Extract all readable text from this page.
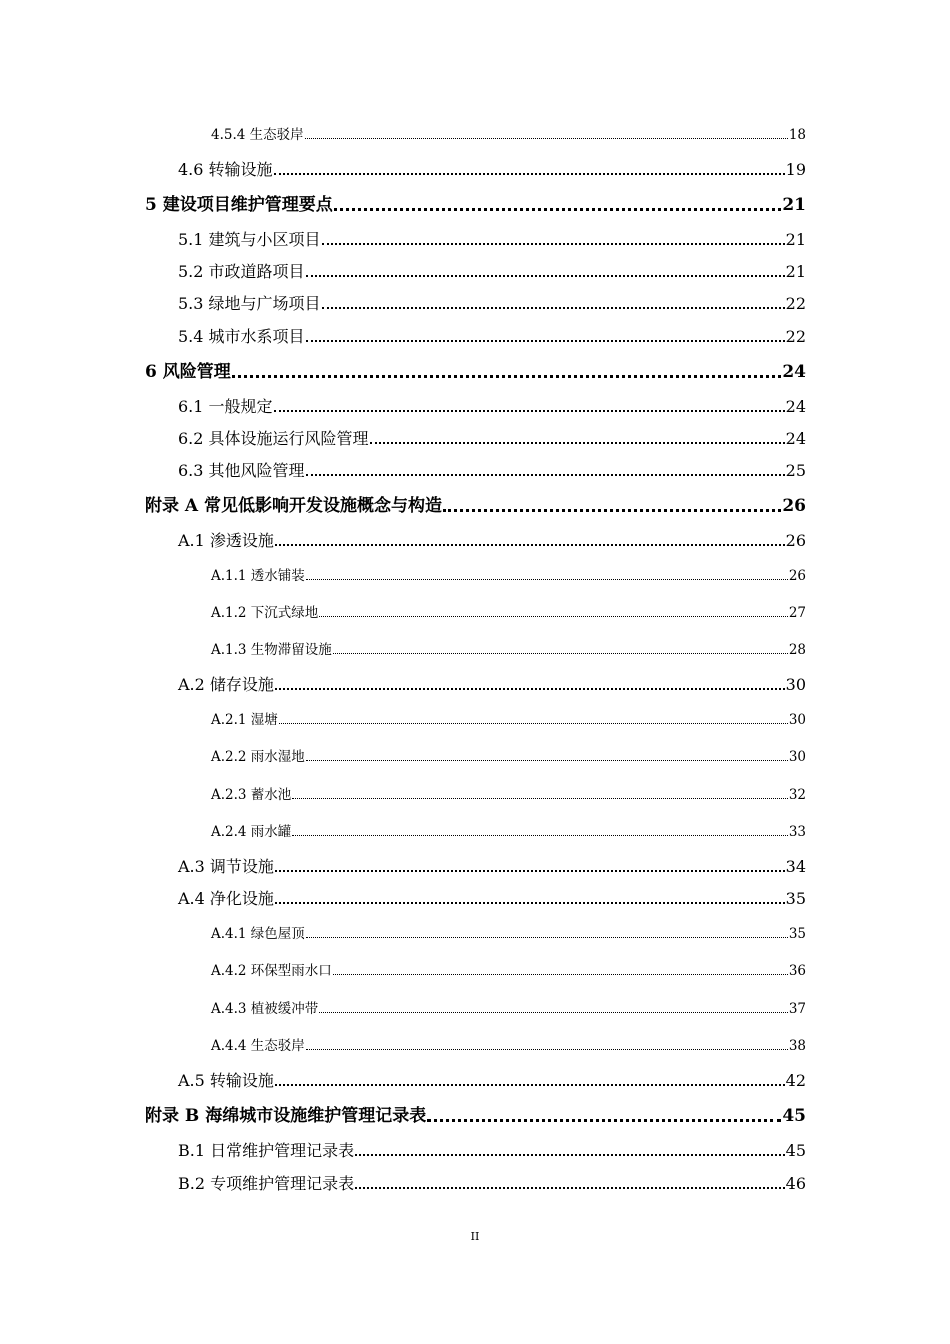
4.5.4 生态驳岸	18
4.6 转输设施	19
5 建设项目维护管理要点	21
5.1 建筑与小区项目	21
5.2 市政道路项目	21
5.3 绿地与广场项目	22
5.4 城市水系项目	22
6 风险管理	24
6.1 一般规定	24
6.2 具体设施运行风险管理	24
6.3 其他风险管理	25
附录 A 常见低影响开发设施概念与构造	26
A.1 渗透设施	26
A.1.1 透水铺装	26
A.1.2 下沉式绿地	27
A.1.3 生物滞留设施	28
A.2 储存设施	30
A.2.1 湿塘	30
A.2.2 雨水湿地	30
A.2.3 蓄水池	32
A.2.4 雨水罐	33
A.3 调节设施	34
A.4 净化设施	35
A.4.1 绿色屋顶	35
A.4.2 环保型雨水口	36
A.4.3 植被缓冲带	37
A.4.4 生态驳岸	38
A.5 转输设施	42
附录 B 海绵城市设施维护管理记录表	45
B.1 日常维护管理记录表	45
B.2 专项维护管理记录表	46
II
